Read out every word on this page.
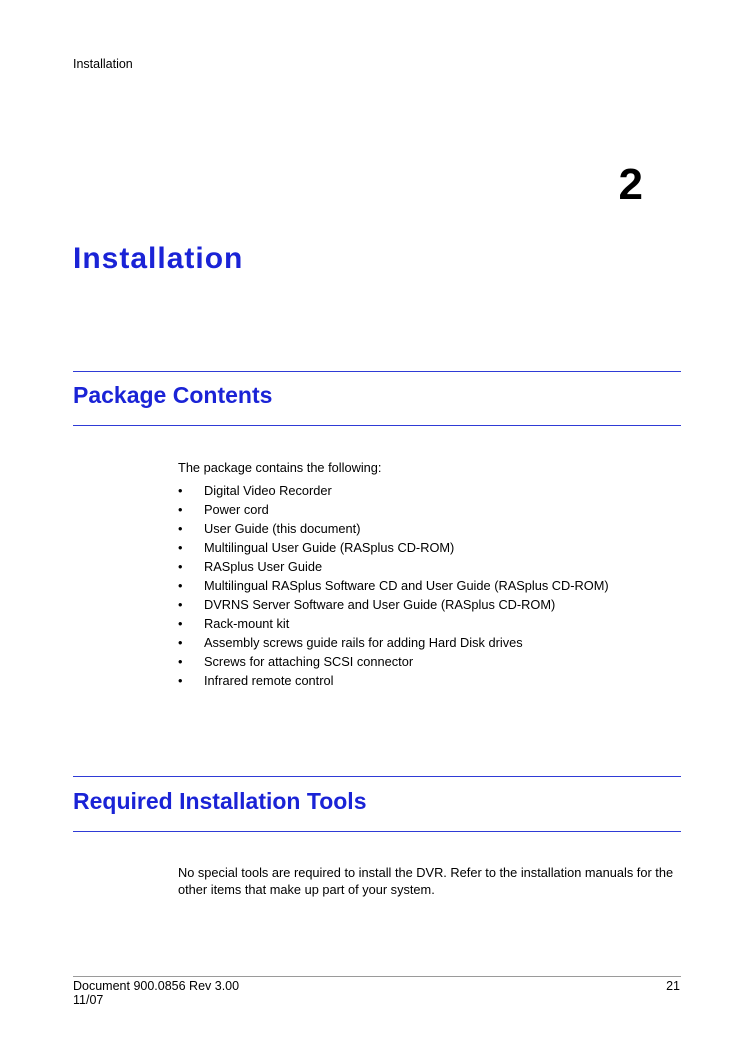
Installation
2
Installation
Package Contents
The package contains the following:
• Digital Video Recorder
• Power cord
• User Guide (this document)
• Multilingual User Guide (RASplus CD-ROM)
• RASplus User Guide
• Multilingual RASplus Software CD and User Guide (RASplus CD-ROM)
• DVRNS Server Software and User Guide (RASplus CD-ROM)
• Rack-mount kit
• Assembly screws guide rails for adding Hard Disk drives
• Screws for attaching SCSI connector
• Infrared remote control
Required Installation Tools
No special tools are required to install the DVR. Refer to the installation manuals for the other items that make up part of your system.
Document 900.0856 Rev 3.00
11/07
21
